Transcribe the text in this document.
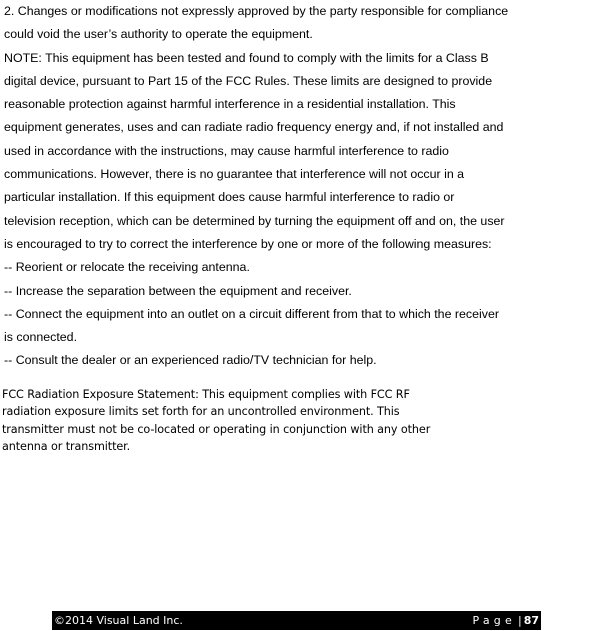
2. Changes or modifications not expressly approved by the party responsible for compliance
could void the user’s authority to operate the equipment.
NOTE: This equipment has been tested and found to comply with the limits for a Class B
digital device, pursuant to Part 15 of the FCC Rules. These limits are designed to provide
reasonable protection against harmful interference in a residential installation. This
equipment generates, uses and can radiate radio frequency energy and, if not installed and
used in accordance with the instructions, may cause harmful interference to radio
communications. However, there is no guarantee that interference will not occur in a
particular installation. If this equipment does cause harmful interference to radio or
television reception, which can be determined by turning the equipment off and on, the user
is encouraged to try to correct the interference by one or more of the following measures:
-- Reorient or relocate the receiving antenna.
-- Increase the separation between the equipment and receiver.
-- Connect the equipment into an outlet on a circuit different from that to which the receiver
is connected.
-- Consult the dealer or an experienced radio/TV technician for help.
FCC Radiation Exposure Statement: This equipment complies with FCC RF
radiation exposure limits set forth for an uncontrolled environment. This
transmitter must not be co-located or operating in conjunction with any other
antenna or transmitter.
©2014 Visual Land Inc.	Page | 87
